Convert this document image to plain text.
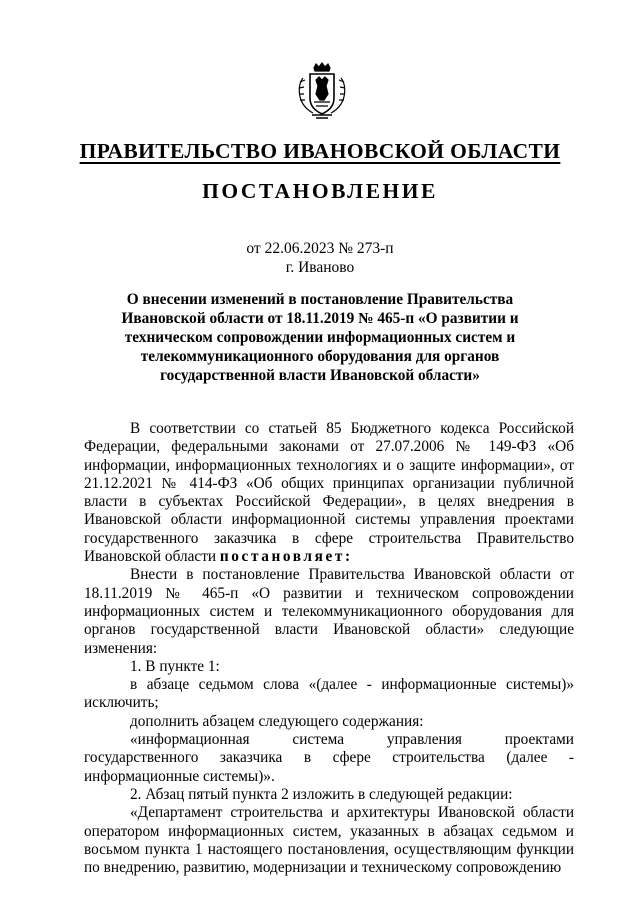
ПРАВИТЕЛЬСТВО ИВАНОВСКОЙ ОБЛАСТИ
ПОСТАНОВЛЕНИЕ
от 22.06.2023 № 273-п
г. Иваново
О внесении изменений в постановление Правительства Ивановской области от 18.11.2019 № 465-п «О развитии и техническом сопровождении информационных систем и телекоммуникационного оборудования для органов государственной власти Ивановской области»

В соответствии со статьей 85 Бюджетного кодекса Российской Федерации, федеральными законами от 27.07.2006 № 149-ФЗ «Об информации, информационных технологиях и о защите информации», от 21.12.2021 № 414-ФЗ «Об общих принципах организации публичной власти в субъектах Российской Федерации», в целях внедрения в Ивановской области информационной системы управления проектами государственного заказчика в сфере строительства Правительство Ивановской области постановляет:

Внести в постановление Правительства Ивановской области от 18.11.2019 № 465-п «О развитии и техническом сопровождении информационных систем и телекоммуникационного оборудования для органов государственной власти Ивановской области» следующие изменения:

1. В пункте 1:

в абзаце седьмом слова «(далее - информационные системы)» исключить;

дополнить абзацем следующего содержания:

«информационная система управления проектами государственного заказчика в сфере строительства (далее - информационные системы)».

2. Абзац пятый пункта 2 изложить в следующей редакции:

«Департамент строительства и архитектуры Ивановской области оператором информационных систем, указанных в абзацах седьмом и восьмом пункта 1 настоящего постановления, осуществляющим функции по внедрению, развитию, модернизации и техническому сопровождению
